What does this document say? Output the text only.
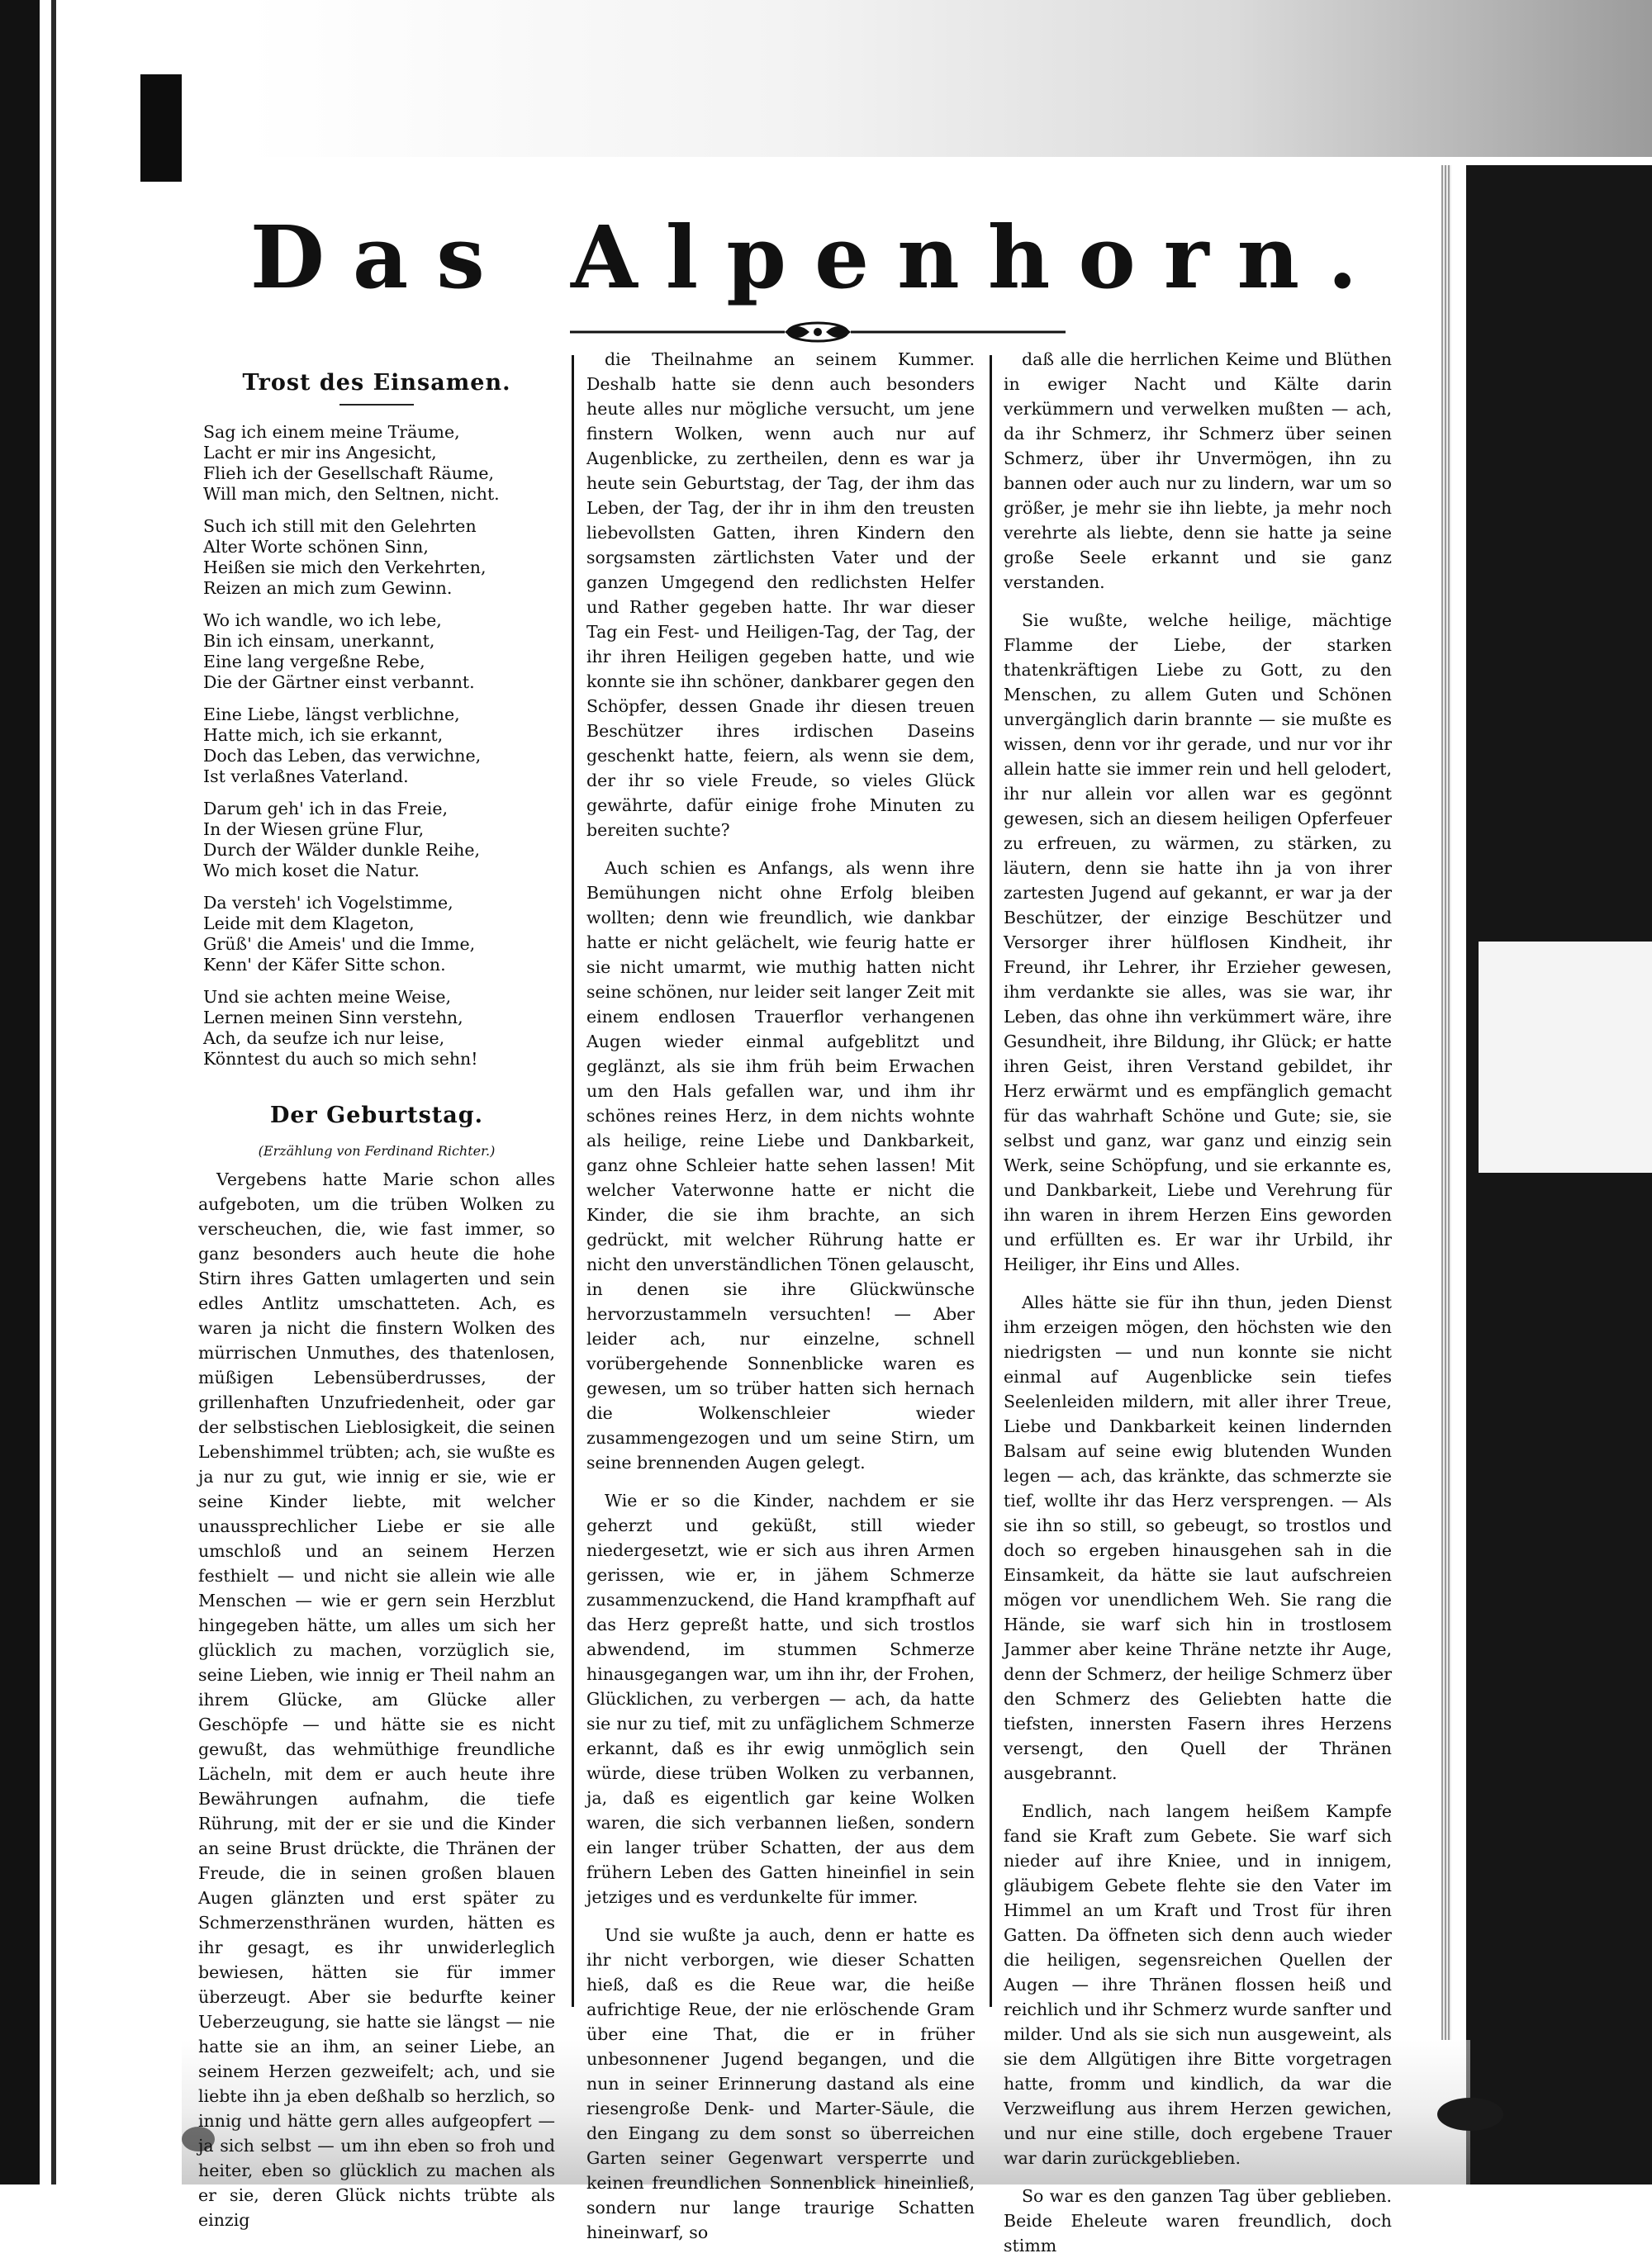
Das Alpenhorn.
Trost des Einsamen.
Sag ich einem meine Träume,
Lacht er mir ins Angesicht,
Flieh ich der Gesellschaft Räume,
Will man mich, den Seltnen, nicht.
Such ich still mit den Gelehrten
Alter Worte schönen Sinn,
Heißen sie mich den Verkehrten,
Reizen an mich zum Gewinn.
Wo ich wandle, wo ich lebe,
Bin ich einsam, unerkannt,
Eine lang vergeßne Rebe,
Die der Gärtner einst verbannt.
Eine Liebe, längst verblichne,
Hatte mich, ich sie erkannt,
Doch das Leben, das verwichne,
Ist verlaßnes Vaterland.
Darum geh' ich in das Freie,
In der Wiesen grüne Flur,
Durch der Wälder dunkle Reihe,
Wo mich koset die Natur.
Da versteh' ich Vogelstimme,
Leide mit dem Klageton,
Grüß' die Ameis' und die Imme,
Kenn' der Käfer Sitte schon.
Und sie achten meine Weise,
Lernen meinen Sinn verstehn,
Ach, da seufze ich nur leise,
Könntest du auch so mich sehn!
Der Geburtstag.
(Erzählung von Ferdinand Richter.)

Vergebens hatte Marie schon alles aufgeboten, um die trüben Wolken zu verscheuchen, die, wie fast immer, so ganz besonders auch heute die hohe Stirn ihres Gatten umlagerten und sein edles Antlitz umschatteten. Ach, es waren ja nicht die finstern Wolken des mürrischen Unmuthes, des thatenlosen, müßigen Lebensüberdrusses, der grillenhaften Unzufriedenheit, oder gar der selbstischen Lieblosigkeit, die seinen Lebenshimmel trübten; ach, sie wußte es ja nur zu gut, wie innig er sie, wie er seine Kinder liebte, mit welcher unaussprechlicher Liebe er sie alle umschloß und an seinem Herzen festhielt — und nicht sie allein wie alle Menschen — wie er gern sein Herzblut hingegeben hätte, um alles um sich her glücklich zu machen, vorzüglich sie, seine Lieben, wie innig er Theil nahm an ihrem Glücke, am Glücke aller Geschöpfe — und hätte sie es nicht gewußt, das wehmüthige freundliche Lächeln, mit dem er auch heute ihre Bewährungen aufnahm, die tiefe Rührung, mit der er sie und die Kinder an seine Brust drückte, die Thränen der Freude, die in seinen großen blauen Augen glänzten und erst später zu Schmerzensthränen wurden, hätten es ihr gesagt, es ihr unwiderleglich bewiesen, hätten sie für immer überzeugt. Aber sie bedurfte keiner Ueberzeugung, sie hatte sie längst — nie hatte sie an ihm, an seiner Liebe, an seinem Herzen gezweifelt; ach, und sie liebte ihn ja eben deßhalb so herzlich, so innig und hätte gern alles aufgeopfert — ja sich selbst — um ihn eben so froh und heiter, eben so glücklich zu machen als er sie, deren Glück nichts trübte als einzig

die Theilnahme an seinem Kummer. Deshalb hatte sie denn auch besonders heute alles nur mögliche versucht, um jene finstern Wolken, wenn auch nur auf Augenblicke, zu zertheilen, denn es war ja heute sein Geburtstag, der Tag, der ihm das Leben, der Tag, der ihr in ihm den treusten liebevollsten Gatten, ihren Kindern den sorgsamsten zärtlichsten Vater und der ganzen Umgegend den redlichsten Helfer und Rather gegeben hatte. Ihr war dieser Tag ein Fest- und Heiligen-Tag, der Tag, der ihr ihren Heiligen gegeben hatte, und wie konnte sie ihn schöner, dankbarer gegen den Schöpfer, dessen Gnade ihr diesen treuen Beschützer ihres irdischen Daseins geschenkt hatte, feiern, als wenn sie dem, der ihr so viele Freude, so vieles Glück gewährte, dafür einige frohe Minuten zu bereiten suchte?

Auch schien es Anfangs, als wenn ihre Bemühungen nicht ohne Erfolg bleiben wollten; denn wie freundlich, wie dankbar hatte er nicht gelächelt, wie feurig hatte er sie nicht umarmt, wie muthig hatten nicht seine schönen, nur leider seit langer Zeit mit einem endlosen Trauerflor verhangenen Augen wieder einmal aufgeblitzt und geglänzt, als sie ihm früh beim Erwachen um den Hals gefallen war, und ihm ihr schönes reines Herz, in dem nichts wohnte als heilige, reine Liebe und Dankbarkeit, ganz ohne Schleier hatte sehen lassen! Mit welcher Vaterwonne hatte er nicht die Kinder, die sie ihm brachte, an sich gedrückt, mit welcher Rührung hatte er nicht den unverständlichen Tönen gelauscht, in denen sie ihre Glückwünsche hervorzustammeln versuchten! — Aber leider ach, nur einzelne, schnell vorübergehende Sonnenblicke waren es gewesen, um so trüber hatten sich hernach die Wolkenschleier wieder zusammengezogen und um seine Stirn, um seine brennenden Augen gelegt.

Wie er so die Kinder, nachdem er sie geherzt und geküßt, still wieder niedergesetzt, wie er sich aus ihren Armen gerissen, wie er, in jähem Schmerze zusammenzuckend, die Hand krampfhaft auf das Herz gepreßt hatte, und sich trostlos abwendend, im stummen Schmerze hinausgegangen war, um ihn ihr, der Frohen, Glücklichen, zu verbergen — ach, da hatte sie nur zu tief, mit zu unfäglichem Schmerze erkannt, daß es ihr ewig unmöglich sein würde, diese trüben Wolken zu verbannen, ja, daß es eigentlich gar keine Wolken waren, die sich verbannen ließen, sondern ein langer trüber Schatten, der aus dem frühern Leben des Gatten hineinfiel in sein jetziges und es verdunkelte für immer.

Und sie wußte ja auch, denn er hatte es ihr nicht verborgen, wie dieser Schatten hieß, daß es die Reue war, die heiße aufrichtige Reue, der nie erlöschende Gram über eine That, die er in früher unbesonnener Jugend begangen, und die nun in seiner Erinnerung dastand als eine riesengroße Denk- und Marter-Säule, die den Eingang zu dem sonst so überreichen Garten seiner Gegenwart versperrte und keinen freundlichen Sonnenblick hineinließ, sondern nur lange traurige Schatten hineinwarf, so

daß alle die herrlichen Keime und Blüthen in ewiger Nacht und Kälte darin verkümmern und verwelken mußten — ach, da ihr Schmerz, ihr Schmerz über seinen Schmerz, über ihr Unvermögen, ihn zu bannen oder auch nur zu lindern, war um so größer, je mehr sie ihn liebte, ja mehr noch verehrte als liebte, denn sie hatte ja seine große Seele erkannt und sie ganz verstanden.

Sie wußte, welche heilige, mächtige Flamme der Liebe, der starken thatenkräftigen Liebe zu Gott, zu den Menschen, zu allem Guten und Schönen unvergänglich darin brannte — sie mußte es wissen, denn vor ihr gerade, und nur vor ihr allein hatte sie immer rein und hell gelodert, ihr nur allein vor allen war es gegönnt gewesen, sich an diesem heiligen Opferfeuer zu erfreuen, zu wärmen, zu stärken, zu läutern, denn sie hatte ihn ja von ihrer zartesten Jugend auf gekannt, er war ja der Beschützer, der einzige Beschützer und Versorger ihrer hülflosen Kindheit, ihr Freund, ihr Lehrer, ihr Erzieher gewesen, ihm verdankte sie alles, was sie war, ihr Leben, das ohne ihn verkümmert wäre, ihre Gesundheit, ihre Bildung, ihr Glück; er hatte ihren Geist, ihren Verstand gebildet, ihr Herz erwärmt und es empfänglich gemacht für das wahrhaft Schöne und Gute; sie, sie selbst und ganz, war ganz und einzig sein Werk, seine Schöpfung, und sie erkannte es, und Dankbarkeit, Liebe und Verehrung für ihn waren in ihrem Herzen Eins geworden und erfüllten es. Er war ihr Urbild, ihr Heiliger, ihr Eins und Alles.

Alles hätte sie für ihn thun, jeden Dienst ihm erzeigen mögen, den höchsten wie den niedrigsten — und nun konnte sie nicht einmal auf Augenblicke sein tiefes Seelenleiden mildern, mit aller ihrer Treue, Liebe und Dankbarkeit keinen lindernden Balsam auf seine ewig blutenden Wunden legen — ach, das kränkte, das schmerzte sie tief, wollte ihr das Herz versprengen. — Als sie ihn so still, so gebeugt, so trostlos und doch so ergeben hinausgehen sah in die Einsamkeit, da hätte sie laut aufschreien mögen vor unendlichem Weh. Sie rang die Hände, sie warf sich hin in trostlosem Jammer aber keine Thräne netzte ihr Auge, denn der Schmerz, der heilige Schmerz über den Schmerz des Geliebten hatte die tiefsten, innersten Fasern ihres Herzens versengt, den Quell der Thränen ausgebrannt.

Endlich, nach langem heißem Kampfe fand sie Kraft zum Gebete. Sie warf sich nieder auf ihre Kniee, und in innigem, gläubigem Gebete flehte sie den Vater im Himmel an um Kraft und Trost für ihren Gatten. Da öffneten sich denn auch wieder die heiligen, segensreichen Quellen der Augen — ihre Thränen flossen heiß und reichlich und ihr Schmerz wurde sanfter und milder. Und als sie sich nun ausgeweint, als sie dem Allgütigen ihre Bitte vorgetragen hatte, fromm und kindlich, da war die Verzweiflung aus ihrem Herzen gewichen, und nur eine stille, doch ergebene Trauer war darin zurückgeblieben.

So war es den ganzen Tag über geblieben. Beide Eheleute waren freundlich, doch stimm
